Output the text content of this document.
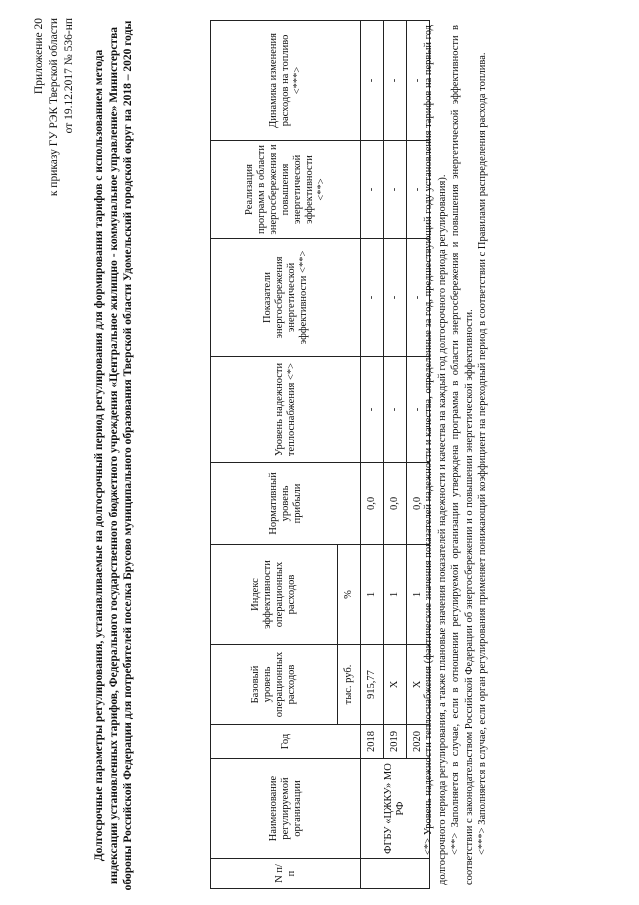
Приложение 20 к приказу ГУ РЭК Тверской области от 19.12.2017 № 536-нп Долгосрочные параметры регулирования, устанавливаемые на долгосрочный период регулирования для формирования тарифов с использованием метода индексации установленных тарифов, Федерального государственного бюджетного учреждения «Центральное жилищно - коммунальное управление» Министерства обороны Российской Федерации для потребителей поселка Брусово муниципального образования Тверской области Удомельский городской округ на 2018 – 2020 годы	N п/п	Наименование регулируемой организации	Год	Базовый уровень операционных расходов	Индекс эффективности операционных расходов	Нормативный уровень прибыли	Уровень надежности теплоснабжения <*>	Показатели энергосбережения энергетической эффективности <**>	Реализация программ в области энергосбережения и повышения энергетической эффективности <**>	Динамика изменения расходов на топливо <***>
			тыс. руб.	%					
	ФГБУ «ЦЖКУ» МО РФ	2018	915,77	1	0,0	-	-	-	-
		2019	X	1	0,0	-	-	-	-
		2020	X	1	0,0	-	-	-	- <*> Уровень надежности теплоснабжения (фактические значения показателей надежности и качества, определенные за год, предшествующий году установления тарифов на первый год долгосрочного периода регулирования, а также плановые значения показателей надежности и качества на каждый год долгосрочного периода регулирования). <**> Заполняется в случае, если в отношении регулируемой организации утверждена программа в области энергосбережения и повышения энергетической эффективности в соответствии с законодательством Российской Федерации об энергосбережении и о повышении энергетической эффективности. <***> Заполняется в случае, если орган регулирования применяет понижающий коэффициент на переходный период в соответствии с Правилами распределения расхода топлива.
